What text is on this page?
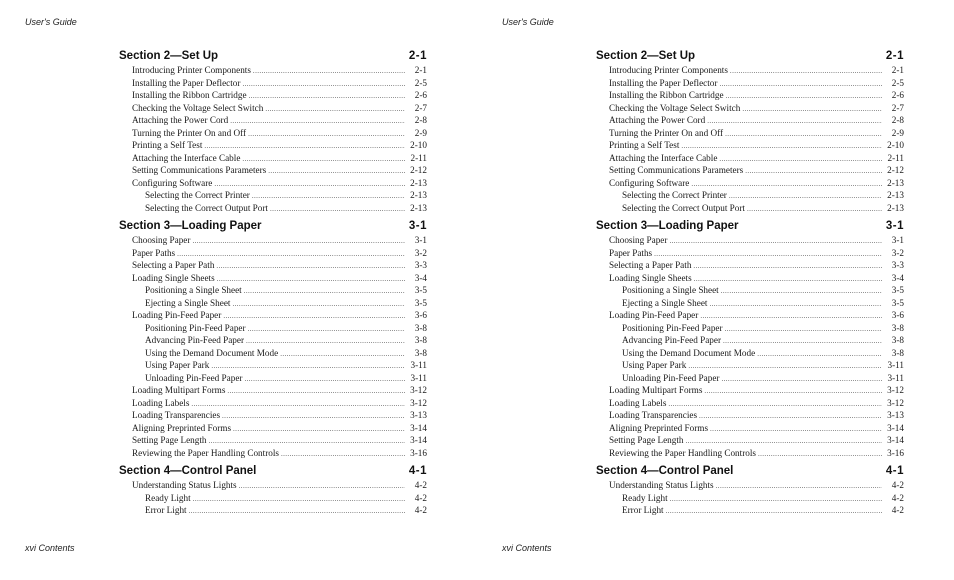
User's Guide
Section 2—Set Up	2-1
Introducing Printer Components .....	2-1
Installing the Paper Deflector .....	2-5
Installing the Ribbon Cartridge .....	2-6
Checking the Voltage Select Switch .....	2-7
Attaching the Power Cord .....	2-8
Turning the Printer On and Off .....	2-9
Printing a Self Test .....	2-10
Attaching the Interface Cable .....	2-11
Setting Communications Parameters .....	2-12
Configuring Software .....	2-13
Selecting the Correct Printer .....	2-13
Selecting the Correct Output Port .....	2-13
Section 3—Loading Paper	3-1
Choosing Paper .....	3-1
Paper Paths .....	3-2
Selecting a Paper Path .....	3-3
Loading Single Sheets .....	3-4
Positioning a Single Sheet .....	3-5
Ejecting a Single Sheet .....	3-5
Loading Pin-Feed Paper .....	3-6
Positioning Pin-Feed Paper .....	3-8
Advancing Pin-Feed Paper .....	3-8
Using the Demand Document Mode .....	3-8
Using Paper Park .....	3-11
Unloading Pin-Feed Paper .....	3-11
Loading Multipart Forms .....	3-12
Loading Labels .....	3-12
Loading Transparencies .....	3-13
Aligning Preprinted Forms .....	3-14
Setting Page Length .....	3-14
Reviewing the Paper Handling Controls .....	3-16
Section 4—Control Panel	4-1
Understanding Status Lights .....	4-2
Ready Light .....	4-2
Error Light .....	4-2
xvi Contents
User's Guide
Section 2—Set Up	2-1
Introducing Printer Components .....	2-1
Installing the Paper Deflector .....	2-5
Installing the Ribbon Cartridge .....	2-6
Checking the Voltage Select Switch .....	2-7
Attaching the Power Cord .....	2-8
Turning the Printer On and Off .....	2-9
Printing a Self Test .....	2-10
Attaching the Interface Cable .....	2-11
Setting Communications Parameters .....	2-12
Configuring Software .....	2-13
Selecting the Correct Printer .....	2-13
Selecting the Correct Output Port .....	2-13
Section 3—Loading Paper	3-1
Choosing Paper .....	3-1
Paper Paths .....	3-2
Selecting a Paper Path .....	3-3
Loading Single Sheets .....	3-4
Positioning a Single Sheet .....	3-5
Ejecting a Single Sheet .....	3-5
Loading Pin-Feed Paper .....	3-6
Positioning Pin-Feed Paper .....	3-8
Advancing Pin-Feed Paper .....	3-8
Using the Demand Document Mode .....	3-8
Using Paper Park .....	3-11
Unloading Pin-Feed Paper .....	3-11
Loading Multipart Forms .....	3-12
Loading Labels .....	3-12
Loading Transparencies .....	3-13
Aligning Preprinted Forms .....	3-14
Setting Page Length .....	3-14
Reviewing the Paper Handling Controls .....	3-16
Section 4—Control Panel	4-1
Understanding Status Lights .....	4-2
Ready Light .....	4-2
Error Light .....	4-2
xvi Contents
